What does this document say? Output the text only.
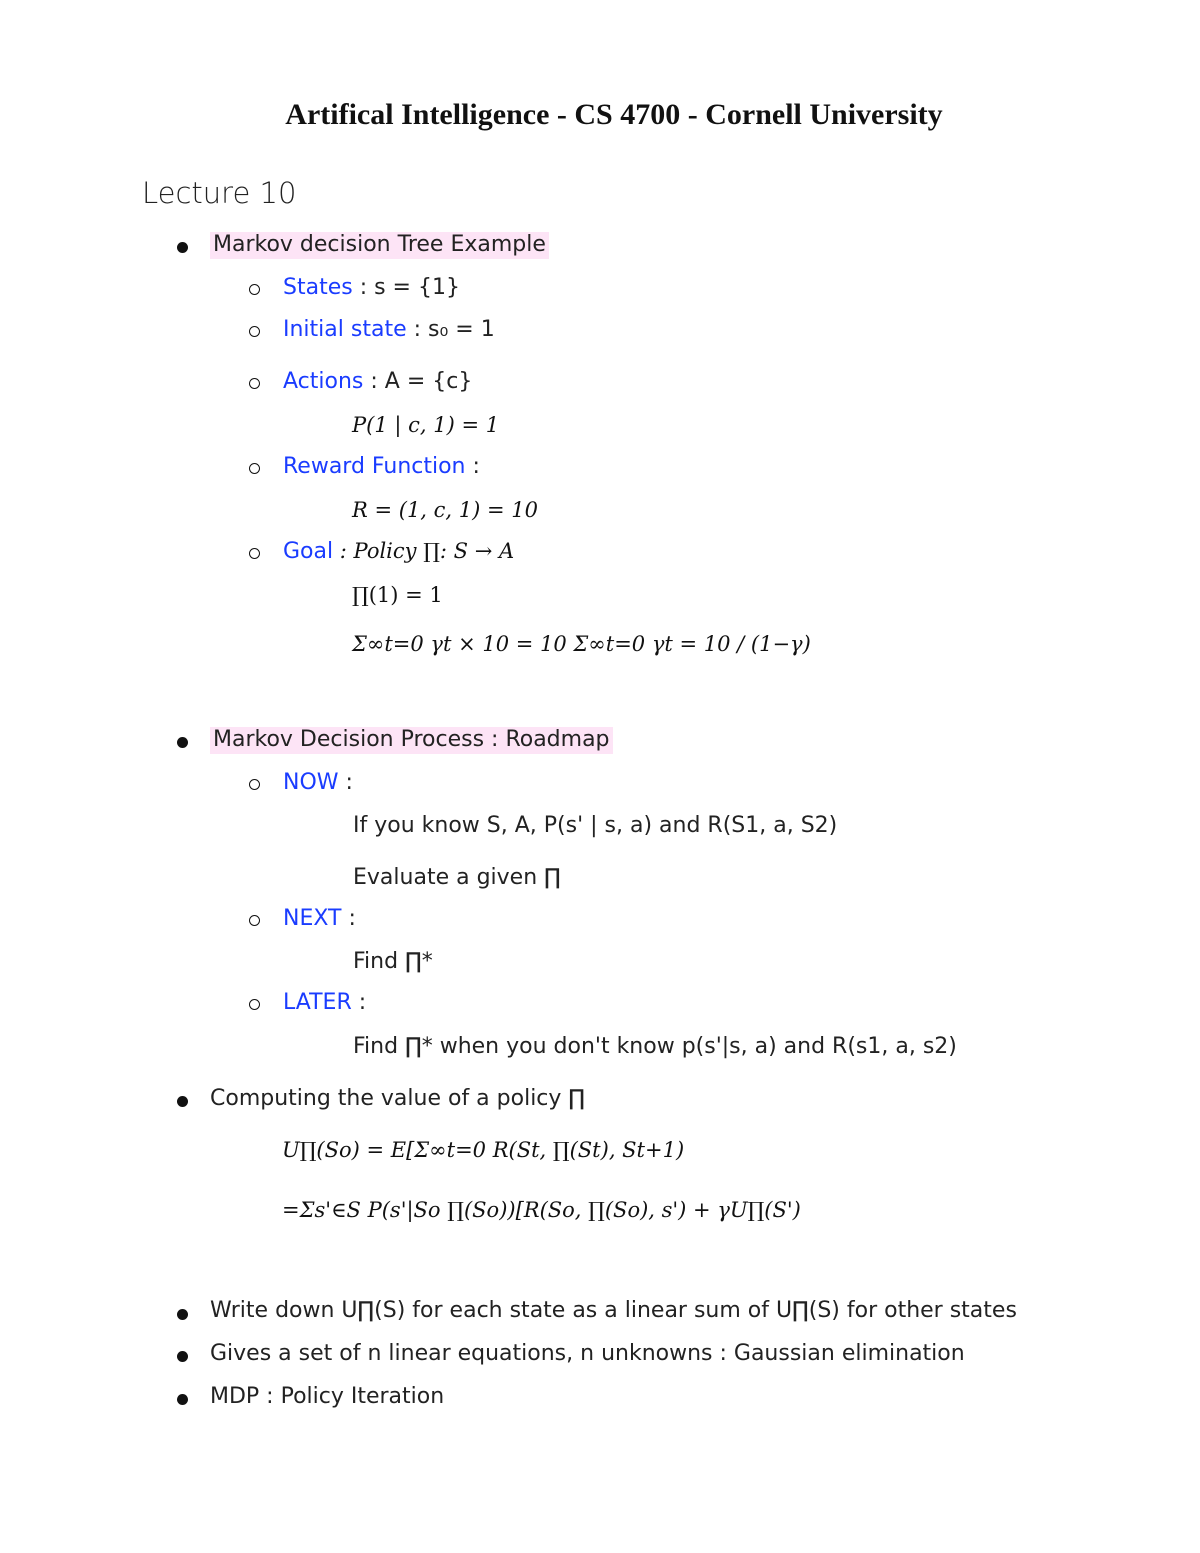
Artifical Intelligence - CS 4700 - Cornell University
Lecture 10
Markov decision Tree Example
States : s = {1}
Initial state : s₀ = 1
Actions : A = {c}
P(1 | c, 1) = 1
Reward Function :
R = (1, c, 1) = 10
Goal : Policy ∏: S → A
∏(1) = 1
Σ∞t=0 γt × 10 = 10 Σ∞t=0 γt = 10 / (1−γ)
Markov Decision Process : Roadmap
NOW :
If you know S, A, P(s' | s, a) and R(S1, a, S2)
Evaluate a given ∏
NEXT :
Find ∏*
LATER :
Find ∏* when you don't know p(s'|s, a) and R(s1, a, s2)
Computing the value of a policy ∏
U∏(So) = E[Σ∞t=0 R(St, ∏(St), St+1)
=Σs'∈S P(s'|So ∏(So))[R(So, ∏(So), s') + γU∏(S')
Write down U∏(S) for each state as a linear sum of U∏(S) for other states
Gives a set of n linear equations, n unknowns : Gaussian elimination
MDP : Policy Iteration
